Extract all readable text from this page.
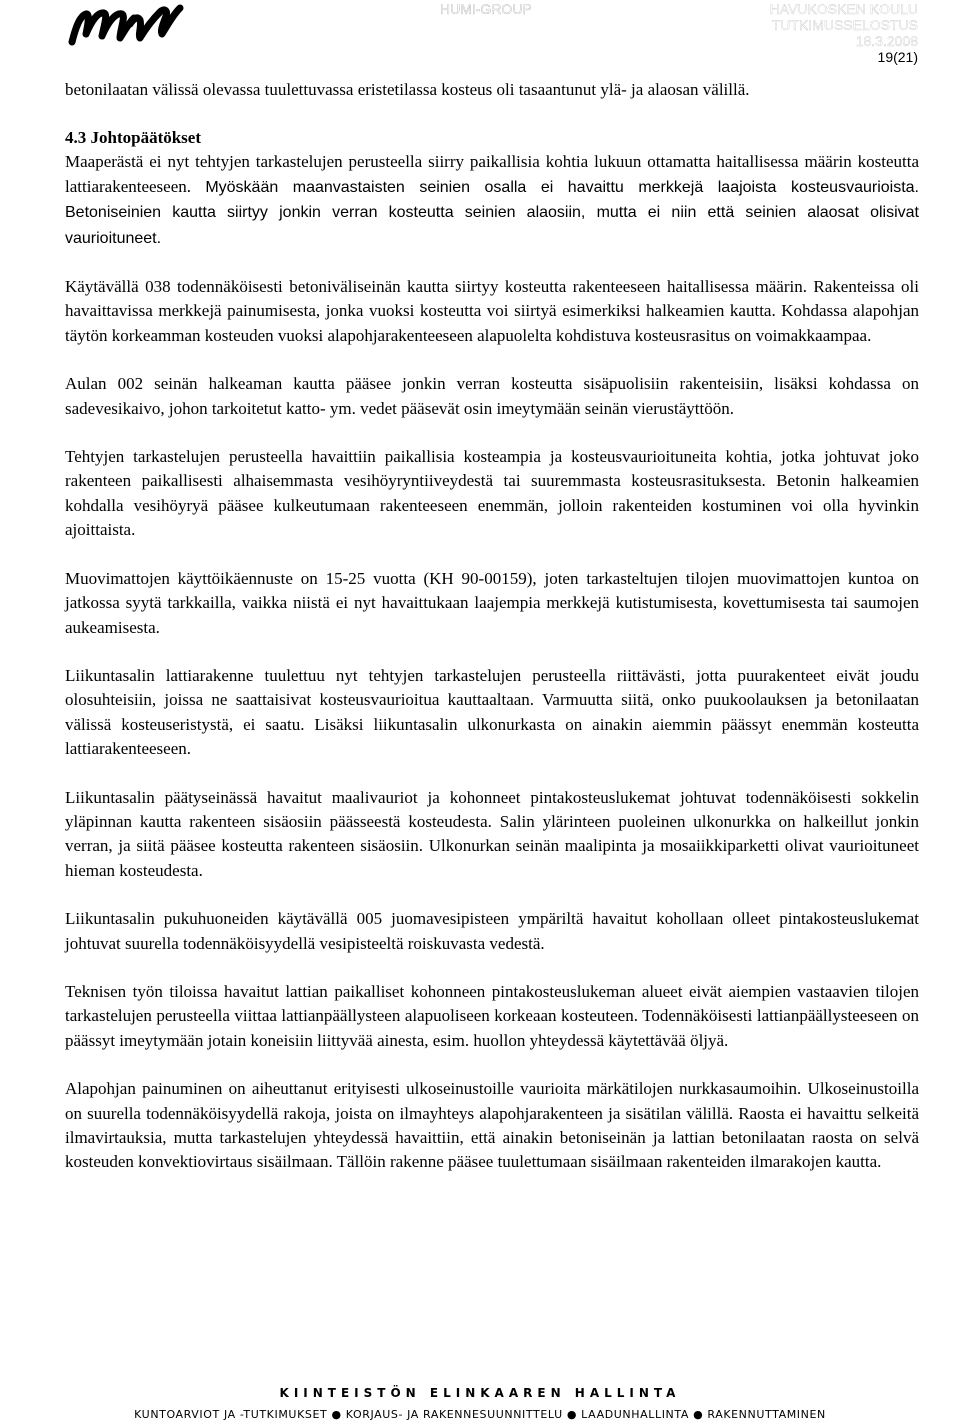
HUMI-GROUP	HAVUKOSKEN KOULU
TUTKIMUSSELOSTUS
18.3.2008
19(21)

betonilaatan välissä olevassa tuulettuvassa eristetilassa kosteus oli tasaantunut ylä- ja alaosan välillä.

4.3 Johtopäätökset

Maaperästä ei nyt tehtyjen tarkastelujen perusteella siirry paikallisia kohtia lukuun ottamatta haitallisessa määrin kosteutta lattiarakenteeseen. Myöskään maanvastaisten seinien osalla ei havaittu merkkejä laajoista kosteusvaurioista. Betoniseinien kautta siirtyy jonkin verran kosteutta seinien alaosiin, mutta ei niin että seinien alaosat olisivat vaurioituneet.

Käytävällä 038 todennäköisesti betoniväliseinän kautta siirtyy kosteutta rakenteeseen haitallisessa määrin. Rakenteissa oli havaittavissa merkkejä painumisesta, jonka vuoksi kosteutta voi siirtyä esimerkiksi halkeamien kautta. Kohdassa alapohjan täytön korkeamman kosteuden vuoksi alapohjarakenteeseen alapuolelta kohdistuva kosteusrasitus on voimakkaampaa.

Aulan 002 seinän halkeaman kautta pääsee jonkin verran kosteutta sisäpuolisiin rakenteisiin, lisäksi kohdassa on sadevesikaivo, johon tarkoitetut katto- ym. vedet pääsevät osin imeytymään seinän vierustäyttöön.

Tehtyjen tarkastelujen perusteella havaittiin paikallisia kosteampia ja kosteusvaurioituneita kohtia, jotka johtuvat joko rakenteen paikallisesti alhaisemmasta vesihöyryntiiveydestä tai suuremmasta kosteusrasituksesta. Betonin halkeamien kohdalla vesihöyryä pääsee kulkeutumaan rakenteeseen enemmän, jolloin rakenteiden kostuminen voi olla hyvinkin ajoittaista.

Muovimattojen käyttöikäennuste on 15-25 vuotta (KH 90-00159), joten tarkasteltujen tilojen muovimattojen kuntoa on jatkossa syytä tarkkailla, vaikka niistä ei nyt havaittukaan laajempia merkkejä kutistumisesta, kovettumisesta tai saumojen aukeamisesta.

Liikuntasalin lattiarakenne tuulettuu nyt tehtyjen tarkastelujen perusteella riittävästi, jotta puurakenteet eivät joudu olosuhteisiin, joissa ne saattaisivat kosteusvaurioitua kauttaaltaan. Varmuutta siitä, onko puukoolauksen ja betonilaatan välissä kosteuseristystä, ei saatu. Lisäksi liikuntasalin ulkonurkasta on ainakin aiemmin päässyt enemmän kosteutta lattiarakenteeseen.

Liikuntasalin päätyseinässä havaitut maalivauriot ja kohonneet pintakosteuslukemat johtuvat todennäköisesti sokkelin yläpinnan kautta rakenteen sisäosiin päässeestä kosteudesta. Salin ylärinteen puoleinen ulkonurkka on halkeillut jonkin verran, ja siitä pääsee kosteutta rakenteen sisäosiin. Ulkonurkan seinän maalipinta ja mosaiikkiparketti olivat vaurioituneet hieman kosteudesta.

Liikuntasalin pukuhuoneiden käytävällä 005 juomavesipisteen ympäriltä havaitut kohollaan olleet pintakosteuslukemat johtuvat suurella todennäköisyydellä vesipisteeltä roiskuvasta vedestä.

Teknisen työn tiloissa havaitut lattian paikalliset kohonneen pintakosteuslukeman alueet eivät aiempien vastaavien tilojen tarkastelujen perusteella viittaa lattianpäällysteen alapuoliseen korkeaan kosteuteen. Todennäköisesti lattianpäällysteeseen on päässyt imeytymään jotain koneisiin liittyvää ainesta, esim. huollon yhteydessä käytettävää öljyä.

Alapohjan painuminen on aiheuttanut erityisesti ulkoseinustoille vaurioita märkätilojen nurkkasaumoihin. Ulkoseinustoilla on suurella todennäköisyydellä rakoja, joista on ilmayhteys alapohjarakenteen ja sisätilan välillä. Raosta ei havaittu selkeitä ilmavirtauksia, mutta tarkastelujen yhteydessä havaittiin, että ainakin betoniseinän ja lattian betonilaatan raosta on selvä kosteuden konvektiovirtaus sisäilmaan. Tällöin rakenne pääsee tuulettumaan sisäilmaan rakenteiden ilmarakojen kautta.

KIINTEISTÖN ELINKAAREN HALLINTA
KUNTOARVIOT JA -TUTKIMUKSET ● KORJAUS- JA RAKENNESUUNNITTELU ● LAADUNHALLINTA ● RAKENNUTTAMINEN
